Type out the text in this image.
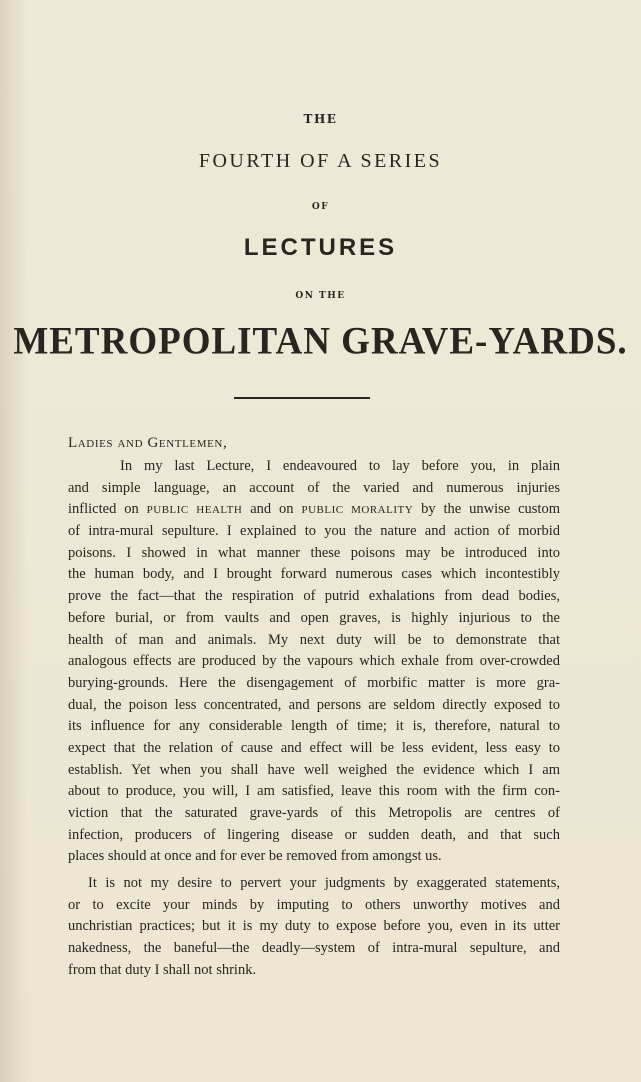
THE
FOURTH OF A SERIES
OF
LECTURES
ON THE
METROPOLITAN GRAVE-YARDS.
Ladies and Gentlemen,
In my last Lecture, I endeavoured to lay before you, in plain
and simple language, an account of the varied and numerous injuries
inflicted on PUBLIC HEALTH and on PUBLIC MORALITY by the unwise custom
of intra-mural sepulture. I explained to you the nature and action of morbid
poisons. I showed in what manner these poisons may be introduced into
the human body, and I brought forward numerous cases which incontestibly
prove the fact—that the respiration of putrid exhalations from dead bodies,
before burial, or from vaults and open graves, is highly injurious to the
health of man and animals. My next duty will be to demonstrate that
analogous effects are produced by the vapours which exhale from over-crowded
burying-grounds. Here the disengagement of morbific matter is more gra-
dual, the poison less concentrated, and persons are seldom directly exposed to
its influence for any considerable length of time; it is, therefore, natural to
expect that the relation of cause and effect will be less evident, less easy to
establish. Yet when you shall have well weighed the evidence which I am
about to produce, you will, I am satisfied, leave this room with the firm con-
viction that the saturated grave-yards of this Metropolis are centres of
infection, producers of lingering disease or sudden death, and that such
places should at once and for ever be removed from amongst us.
It is not my desire to pervert your judgments by exaggerated statements,
or to excite your minds by imputing to others unworthy motives and
unchristian practices; but it is my duty to expose before you, even in its utter
nakedness, the baneful—the deadly—system of intra-mural sepulture, and
from that duty I shall not shrink.
